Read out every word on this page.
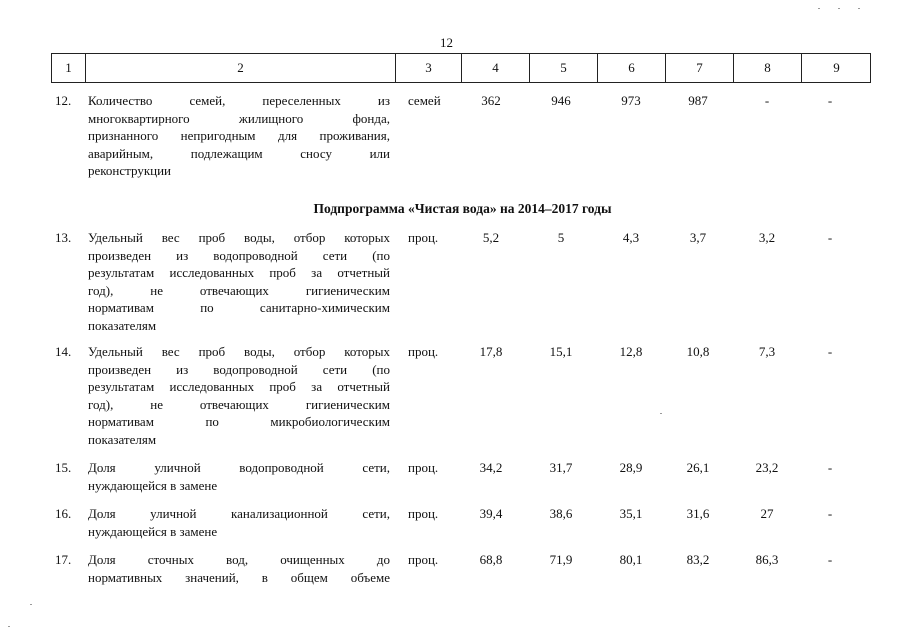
12
1	2	3	4	5	6	7	8	9
12.	Количество семей, переселенных из
многоквартирного жилищного фонда,
признанного непригодным для проживания,
аварийным, подлежащим сносу или
реконструкции
семей	362	946	973	987	-	-
Подпрограмма «Чистая вода» на 2014–2017 годы
13.	Удельный вес проб воды, отбор которых
произведен из водопроводной сети (по
результатам исследованных проб за отчетный
год), не отвечающих гигиеническим
нормативам по санитарно-химическим
показателям
проц.	5,2	5	4,3	3,7	3,2	-
14.	Удельный вес проб воды, отбор которых
произведен из водопроводной сети (по
результатам исследованных проб за отчетный
год), не отвечающих гигиеническим
нормативам по микробиологическим
показателям
проц.	17,8	15,1	12,8	10,8	7,3	-
15.	Доля уличной водопроводной сети,
нуждающейся в замене
проц.	34,2	31,7	28,9	26,1	23,2	-
16.	Доля уличной канализационной сети,
нуждающейся в замене
проц.	39,4	38,6	35,1	31,6	27	-
17.	Доля сточных вод, очищенных до
нормативных значений, в общем объеме
проц.	68,8	71,9	80,1	83,2	86,3	-
